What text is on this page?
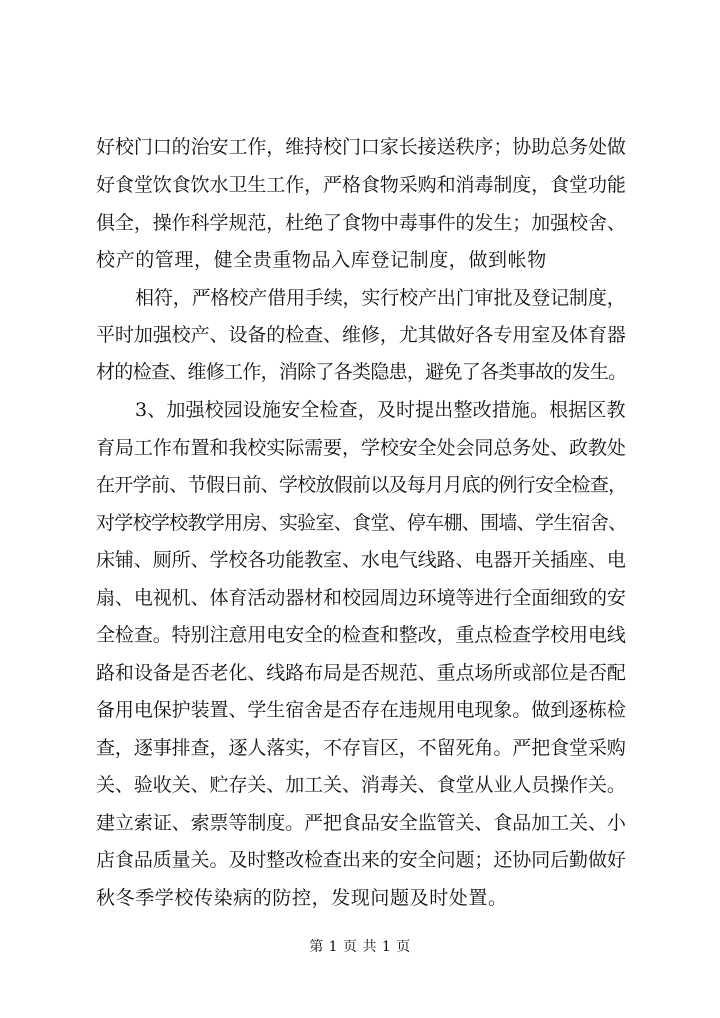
好校门口的治安工作，维持校门口家长接送秩序；协助总务处做
好食堂饮食饮水卫生工作，严格食物采购和消毒制度，食堂功能
俱全，操作科学规范，杜绝了食物中毒事件的发生；加强校舍、
校产的管理，健全贵重物品入库登记制度，做到帐物
相符，严格校产借用手续，实行校产出门审批及登记制度，
平时加强校产、设备的检查、维修，尤其做好各专用室及体育器
材的检查、维修工作，消除了各类隐患，避免了各类事故的发生。
3、加强校园设施安全检查，及时提出整改措施。根据区教
育局工作布置和我校实际需要，学校安全处会同总务处、政教处
在开学前、节假日前、学校放假前以及每月月底的例行安全检查，
对学校学校教学用房、实验室、食堂、停车棚、围墙、学生宿舍、
床铺、厕所、学校各功能教室、水电气线路、电器开关插座、电
扇、电视机、体育活动器材和校园周边环境等进行全面细致的安
全检查。特别注意用电安全的检查和整改，重点检查学校用电线
路和设备是否老化、线路布局是否规范、重点场所或部位是否配
备用电保护装置、学生宿舍是否存在违规用电现象。做到逐栋检
查，逐事排查，逐人落实，不存盲区，不留死角。严把食堂采购
关、验收关、贮存关、加工关、消毒关、食堂从业人员操作关。
建立索证、索票等制度。严把食品安全监管关、食品加工关、小
店食品质量关。及时整改检查出来的安全问题；还协同后勤做好
秋冬季学校传染病的防控，发现问题及时处置。
第 1 页 共 1 页
